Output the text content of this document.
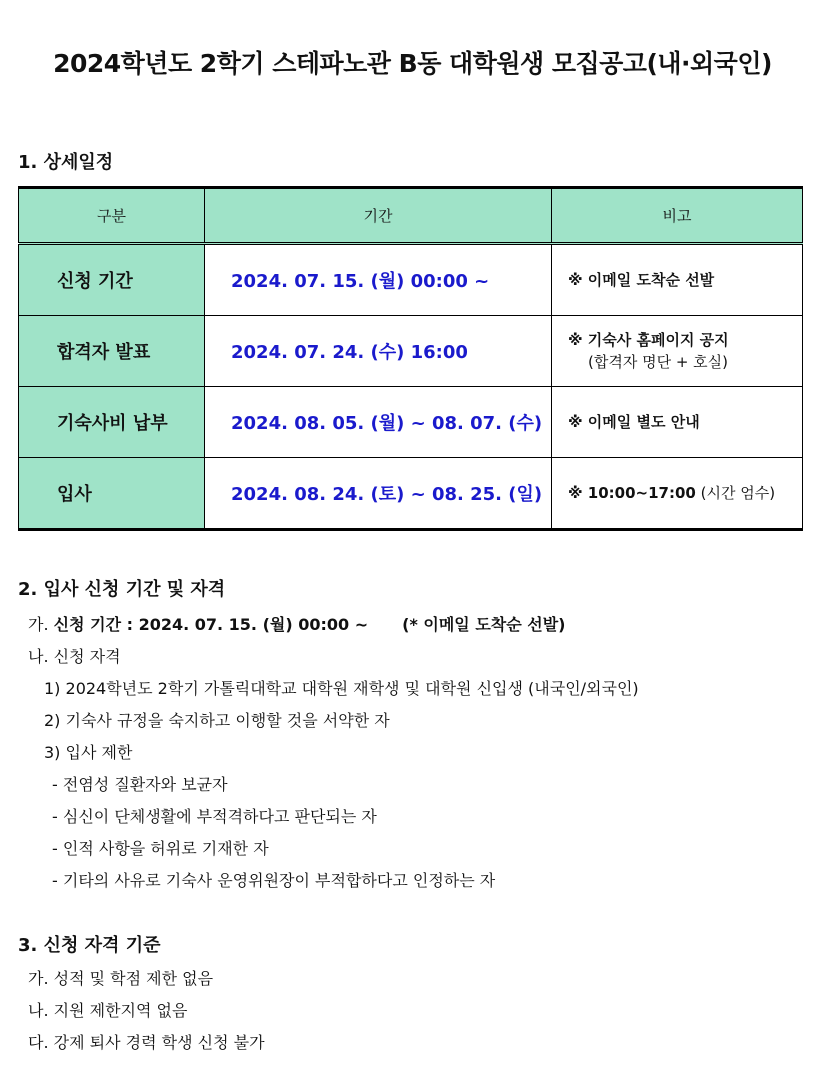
2024학년도 2학기 스테파노관 B동 대학원생 모집공고(내·외국인)
1. 상세일정
구분	기간	비고
신청 기간	2024. 07. 15. (월) 00:00 ~	※ 이메일 도착순 선발
합격자 발표	2024. 07. 24. (수) 16:00	※ 기숙사 홈페이지 공지
(합격자 명단 + 호실)

기숙사비 납부	2024. 08. 05. (월) ~ 08. 07. (수)	※ 이메일 별도 안내
입사	2024. 08. 24. (토) ~ 08. 25. (일)	※ 10:00~17:00 (시간 엄수)
2. 입사 신청 기간 및 자격
가. 신청 기간 : 2024. 07. 15. (월) 00:00 ~ (* 이메일 도착순 선발)
나. 신청 자격
1) 2024학년도 2학기 가톨릭대학교 대학원 재학생 및 대학원 신입생 (내국인/외국인)
2) 기숙사 규정을 숙지하고 이행할 것을 서약한 자
3) 입사 제한
- 전염성 질환자와 보균자
- 심신이 단체생활에 부적격하다고 판단되는 자
- 인적 사항을 허위로 기재한 자
- 기타의 사유로 기숙사 운영위원장이 부적합하다고 인정하는 자
3. 신청 자격 기준
가. 성적 및 학점 제한 없음
나. 지원 제한지역 없음
다. 강제 퇴사 경력 학생 신청 불가
